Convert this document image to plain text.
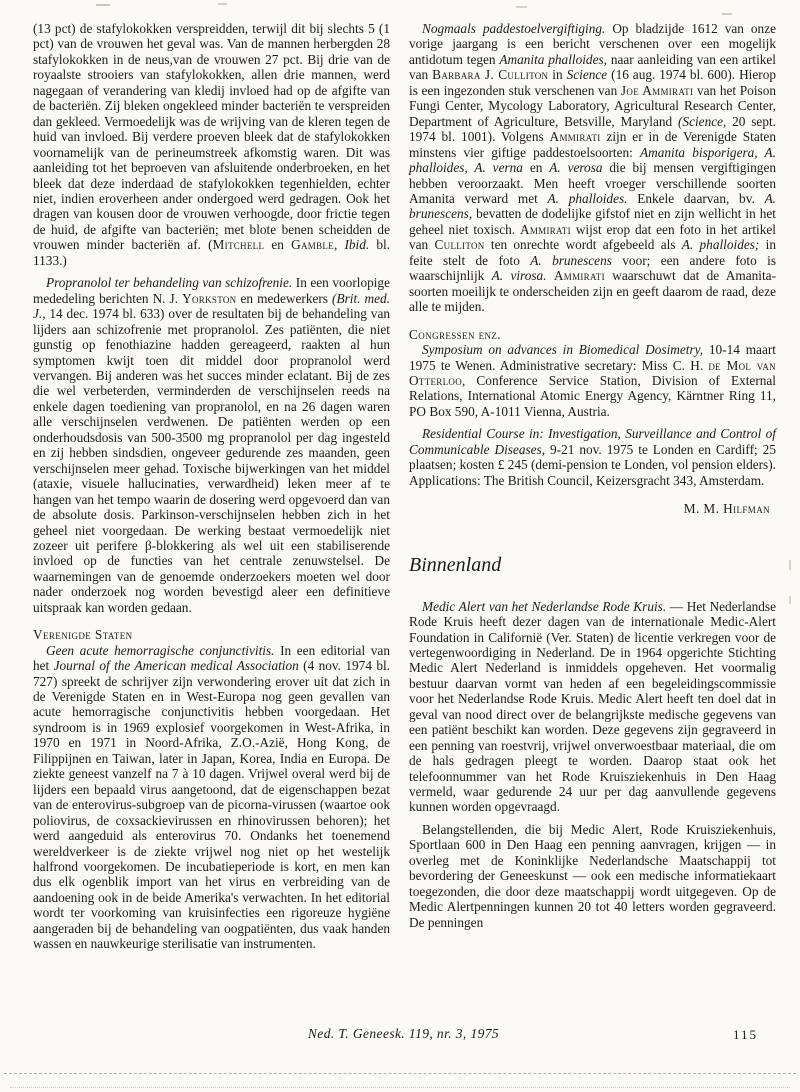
(13 pct) de stafylokokken verspreidden, terwijl dit bij slechts 5 (1 pct) van de vrouwen het geval was. Van de mannen herbergden 28 stafylokokken in de neus,van de vrouwen 27 pct. Bij drie van de royaalste strooiers van stafylokokken, allen drie mannen, werd nagegaan of verandering van kledij invloed had op de afgifte van de bacteriën. Zij bleken ongekleed minder bacteriën te verspreiden dan gekleed. Vermoedelijk was de wrijving van de kleren tegen de huid van invloed. Bij verdere proeven bleek dat de stafylokokken voornamelijk van de perineumstreek afkomstig waren. Dit was aanleiding tot het beproeven van afsluitende onderbroeken, en het bleek dat deze inderdaad de stafylokokken tegenhielden, echter niet, indien eroverheen ander ondergoed werd gedragen. Ook het dragen van kousen door de vrouwen verhoogde, door frictie tegen de huid, de afgifte van bacteriën; met blote benen scheidden de vrouwen minder bacteriën af. (Mitchell en Gamble, Ibid. bl. 1133.)
Propranolol ter behandeling van schizofrenie. In een voorlopige mededeling berichten N. J. Yorkston en medewerkers (Brit. med. J., 14 dec. 1974 bl. 633) over de resultaten bij de behandeling van lijders aan schizofrenie met propranolol. Zes patiënten, die niet gunstig op fenothiazine hadden gereageerd, raakten al hun symptomen kwijt toen dit middel door propranolol werd vervangen. Bij anderen was het succes minder eclatant. Bij de zes die wel verbeterden, verminderden de verschijnselen reeds na enkele dagen toediening van propranolol, en na 26 dagen waren alle verschijnselen verdwenen. De patiënten werden op een onderhoudsdosis van 500-3500 mg propranolol per dag ingesteld en zij hebben sindsdien, ongeveer gedurende zes maanden, geen verschijnselen meer gehad. Toxische bijwerkingen van het middel (ataxie, visuele hallucinaties, verwardheid) leken meer af te hangen van het tempo waarin de dosering werd opgevoerd dan van de absolute dosis. Parkinson-verschijnselen hebben zich in het geheel niet voorgedaan. De werking bestaat vermoedelijk niet zozeer uit perifere β-blokkering als wel uit een stabiliserende invloed op de functies van het centrale zenuwstelsel. De waarnemingen van de genoemde onderzoekers moeten wel door nader onderzoek nog worden bevestigd aleer een definitieve uitspraak kan worden gedaan.
Verenigde Staten
Geen acute hemorragische conjunctivitis. In een editorial van het Journal of the American medical Association (4 nov. 1974 bl. 727) spreekt de schrijver zijn verwondering erover uit dat zich in de Verenigde Staten en in West-Europa nog geen gevallen van acute hemorragische conjunctivitis hebben voorgedaan. Het syndroom is in 1969 explosief voorgekomen in West-Afrika, in 1970 en 1971 in Noord-Afrika, Z.O.-Azië, Hong Kong, de Filippijnen en Taiwan, later in Japan, Korea, India en Europa. De ziekte geneest vanzelf na 7 à 10 dagen. Vrijwel overal werd bij de lijders een bepaald virus aangetoond, dat de eigenschappen bezat van de enterovirus-subgroep van de picorna-virussen (waartoe ook poliovirus, de coxsackievirussen en rhinovirussen behoren); het werd aangeduid als enterovirus 70. Ondanks het toenemend wereldverkeer is de ziekte vrijwel nog niet op het westelijk halfrond voorgekomen. De incubatieperiode is kort, en men kan dus elk ogenblik import van het virus en verbreiding van de aandoening ook in de beide Amerika's verwachten. In het editorial wordt ter voorkoming van kruisinfecties een rigoreuze hygiëne aangeraden bij de behandeling van oogpatiënten, dus vaak handen wassen en nauwkeurige sterilisatie van instrumenten.
Nogmaals paddestoelvergiftiging. Op bladzijde 1612 van onze vorige jaargang is een bericht verschenen over een mogelijk antidotum tegen Amanita phalloides, naar aanleiding van een artikel van Barbara J. Culliton in Science (16 aug. 1974 bl. 600). Hierop is een ingezonden stuk verschenen van Joe Ammirati van het Poison Fungi Center, Mycology Laboratory, Agricultural Research Center, Department of Agriculture, Betsville, Maryland (Science, 20 sept. 1974 bl. 1001). Volgens Ammirati zijn er in de Verenigde Staten minstens vier giftige paddestoelsoorten: Amanita bisporigera, A. phalloides, A. verna en A. verosa die bij mensen vergiftigingen hebben veroorzaakt. Men heeft vroeger verschillende soorten Amanita verward met A. phalloides. Enkele daarvan, bv. A. brunescens, bevatten de dodelijke gifstof niet en zijn wellicht in het geheel niet toxisch. Ammirati wijst erop dat een foto in het artikel van Culliton ten onrechte wordt afgebeeld als A. phalloides; in feite stelt de foto A. brunescens voor; een andere foto is waarschijnlijk A. virosa. Ammirati waarschuwt dat de Amanita-soorten moeilijk te onderscheiden zijn en geeft daarom de raad, deze alle te mijden.
Congressen enz.
Symposium on advances in Biomedical Dosimetry, 10-14 maart 1975 te Wenen. Administrative secretary: Miss C. H. de Mol van Otterloo, Conference Service Station, Division of External Relations, International Atomic Energy Agency, Kärntner Ring 11, PO Box 590, A-1011 Vienna, Austria.
Residential Course in: Investigation, Surveillance and Control of Communicable Diseases, 9-21 nov. 1975 te Londen en Cardiff; 25 plaatsen; kosten £ 245 (demi-pension te Londen, vol pension elders). Applications: The British Council, Keizersgracht 343, Amsterdam.
M. M. Hilfman
Binnenland
Medic Alert van het Nederlandse Rode Kruis. — Het Nederlandse Rode Kruis heeft dezer dagen van de internationale Medic-Alert Foundation in Californië (Ver. Staten) de licentie verkregen voor de vertegenwoordiging in Nederland. De in 1964 opgerichte Stichting Medic Alert Nederland is inmiddels opgeheven. Het voormalig bestuur daarvan vormt van heden af een begeleidingscommissie voor het Nederlandse Rode Kruis. Medic Alert heeft ten doel dat in geval van nood direct over de belangrijkste medische gegevens van een patiënt beschikt kan worden. Deze gegevens zijn gegraveerd in een penning van roestvrij, vrijwel onverwoestbaar materiaal, die om de hals gedragen pleegt te worden. Daarop staat ook het telefoonnummer van het Rode Kruisziekenhuis in Den Haag vermeld, waar gedurende 24 uur per dag aanvullende gegevens kunnen worden opgevraagd.
Belangstellenden, die bij Medic Alert, Rode Kruisziekenhuis, Sportlaan 600 in Den Haag een penning aanvragen, krijgen — in overleg met de Koninklijke Nederlandsche Maatschappij tot bevordering der Geneeskunst — ook een medische informatiekaart toegezonden, die door deze maatschappij wordt uitgegeven. Op de Medic Alertpenningen kunnen 20 tot 40 letters worden gegraveerd. De penningen
Ned. T. Geneesk. 119, nr. 3, 1975	115
